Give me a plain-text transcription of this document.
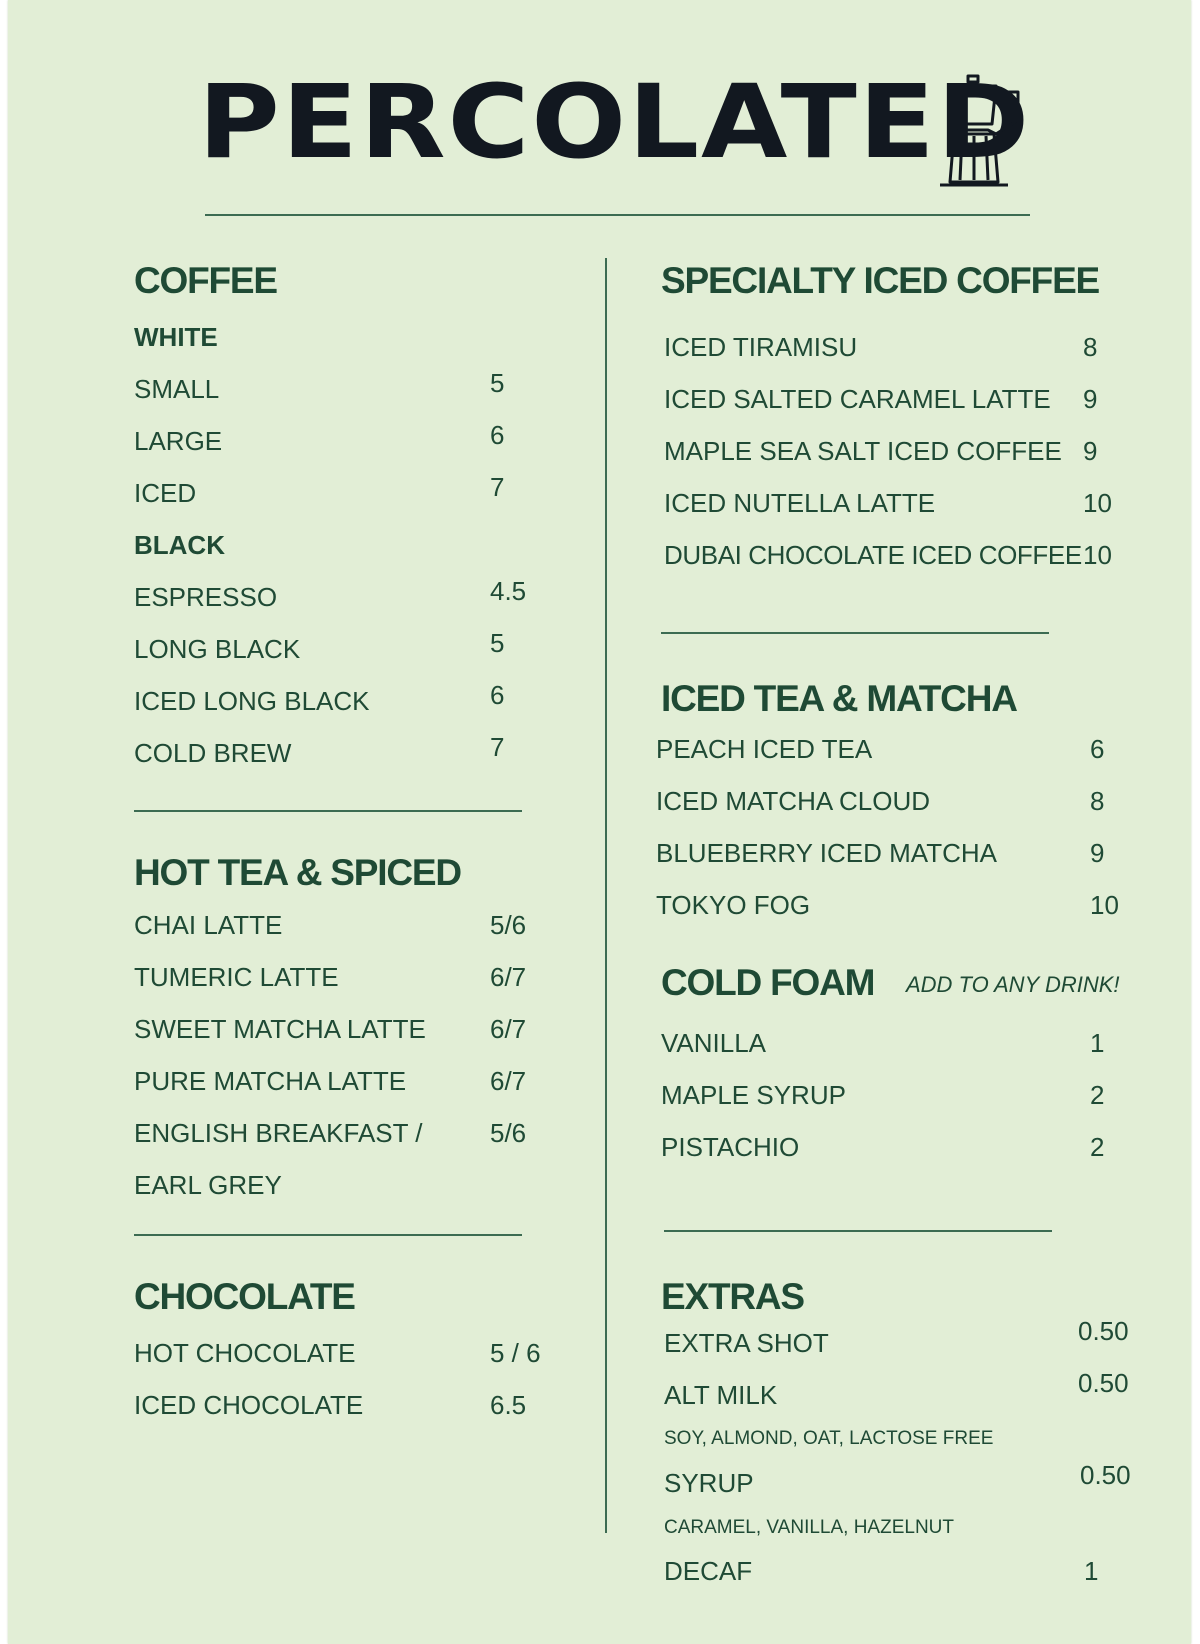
PERCOLATED
COFFEE
WHITE
SMALL	5
LARGE	6
ICED	7
BLACK
ESPRESSO	4.5
LONG BLACK	5
ICED LONG BLACK	6
COLD BREW	7
HOT TEA & SPICED
CHAI LATTE	5/6
TUMERIC LATTE	6/7
SWEET MATCHA LATTE 6/7
PURE MATCHA LATTE	6/7
ENGLISH BREAKFAST /	5/6
EARL GREY
CHOCOLATE
HOT CHOCOLATE	5 / 6
ICED CHOCOLATE	6.5
SPECIALTY ICED COFFEE
ICED TIRAMISU	8
ICED SALTED CARAMEL LATTE 9
MAPLE SEA SALT ICED COFFEE 9
ICED NUTELLA LATTE	10
DUBAI CHOCOLATE ICED COFFEE 10
ICED TEA & MATCHA
PEACH ICED TEA	6
ICED MATCHA CLOUD	8
BLUEBERRY ICED MATCHA	9
TOKYO FOG	10
COLD FOAM ADD TO ANY DRINK!
VANILLA	1
MAPLE SYRUP	2
PISTACHIO	2
EXTRAS
EXTRA SHOT	0.50
ALT MILK	0.50
SOY, ALMOND, OAT, LACTOSE FREE
SYRUP	0.50
CARAMEL, VANILLA, HAZELNUT
DECAF	1
